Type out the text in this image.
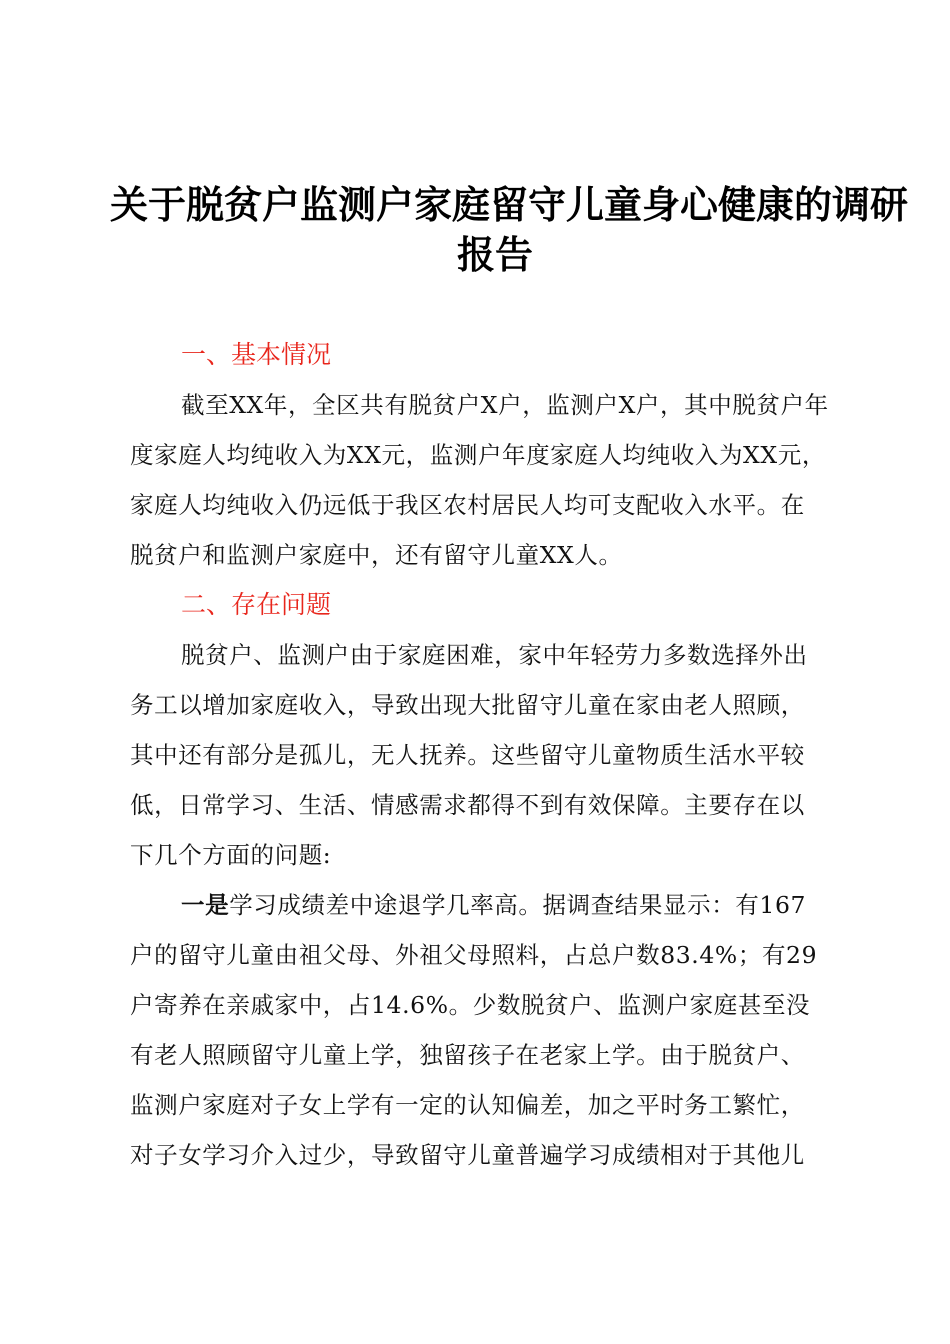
关于脱贫户监测户家庭留守儿童身心健康的调研
报告
一、基本情况
截至XX年，全区共有脱贫户X户，监测户X户，其中脱贫户年
度家庭人均纯收入为XX元，监测户年度家庭人均纯收入为XX元，
家庭人均纯收入仍远低于我区农村居民人均可支配收入水平。在
脱贫户和监测户家庭中，还有留守儿童XX人。
二、存在问题
脱贫户、监测户由于家庭困难，家中年轻劳力多数选择外出
务工以增加家庭收入，导致出现大批留守儿童在家由老人照顾，
其中还有部分是孤儿，无人抚养。这些留守儿童物质生活水平较
低，日常学习、生活、情感需求都得不到有效保障。主要存在以
下几个方面的问题:
一是学习成绩差中途退学几率高。据调查结果显示：有167
户的留守儿童由祖父母、外祖父母照料，占总户数83.4%；有29
户寄养在亲戚家中，占14.6%。少数脱贫户、监测户家庭甚至没
有老人照顾留守儿童上学，独留孩子在老家上学。由于脱贫户、
监测户家庭对子女上学有一定的认知偏差，加之平时务工繁忙，
对子女学习介入过少，导致留守儿童普遍学习成绩相对于其他儿
